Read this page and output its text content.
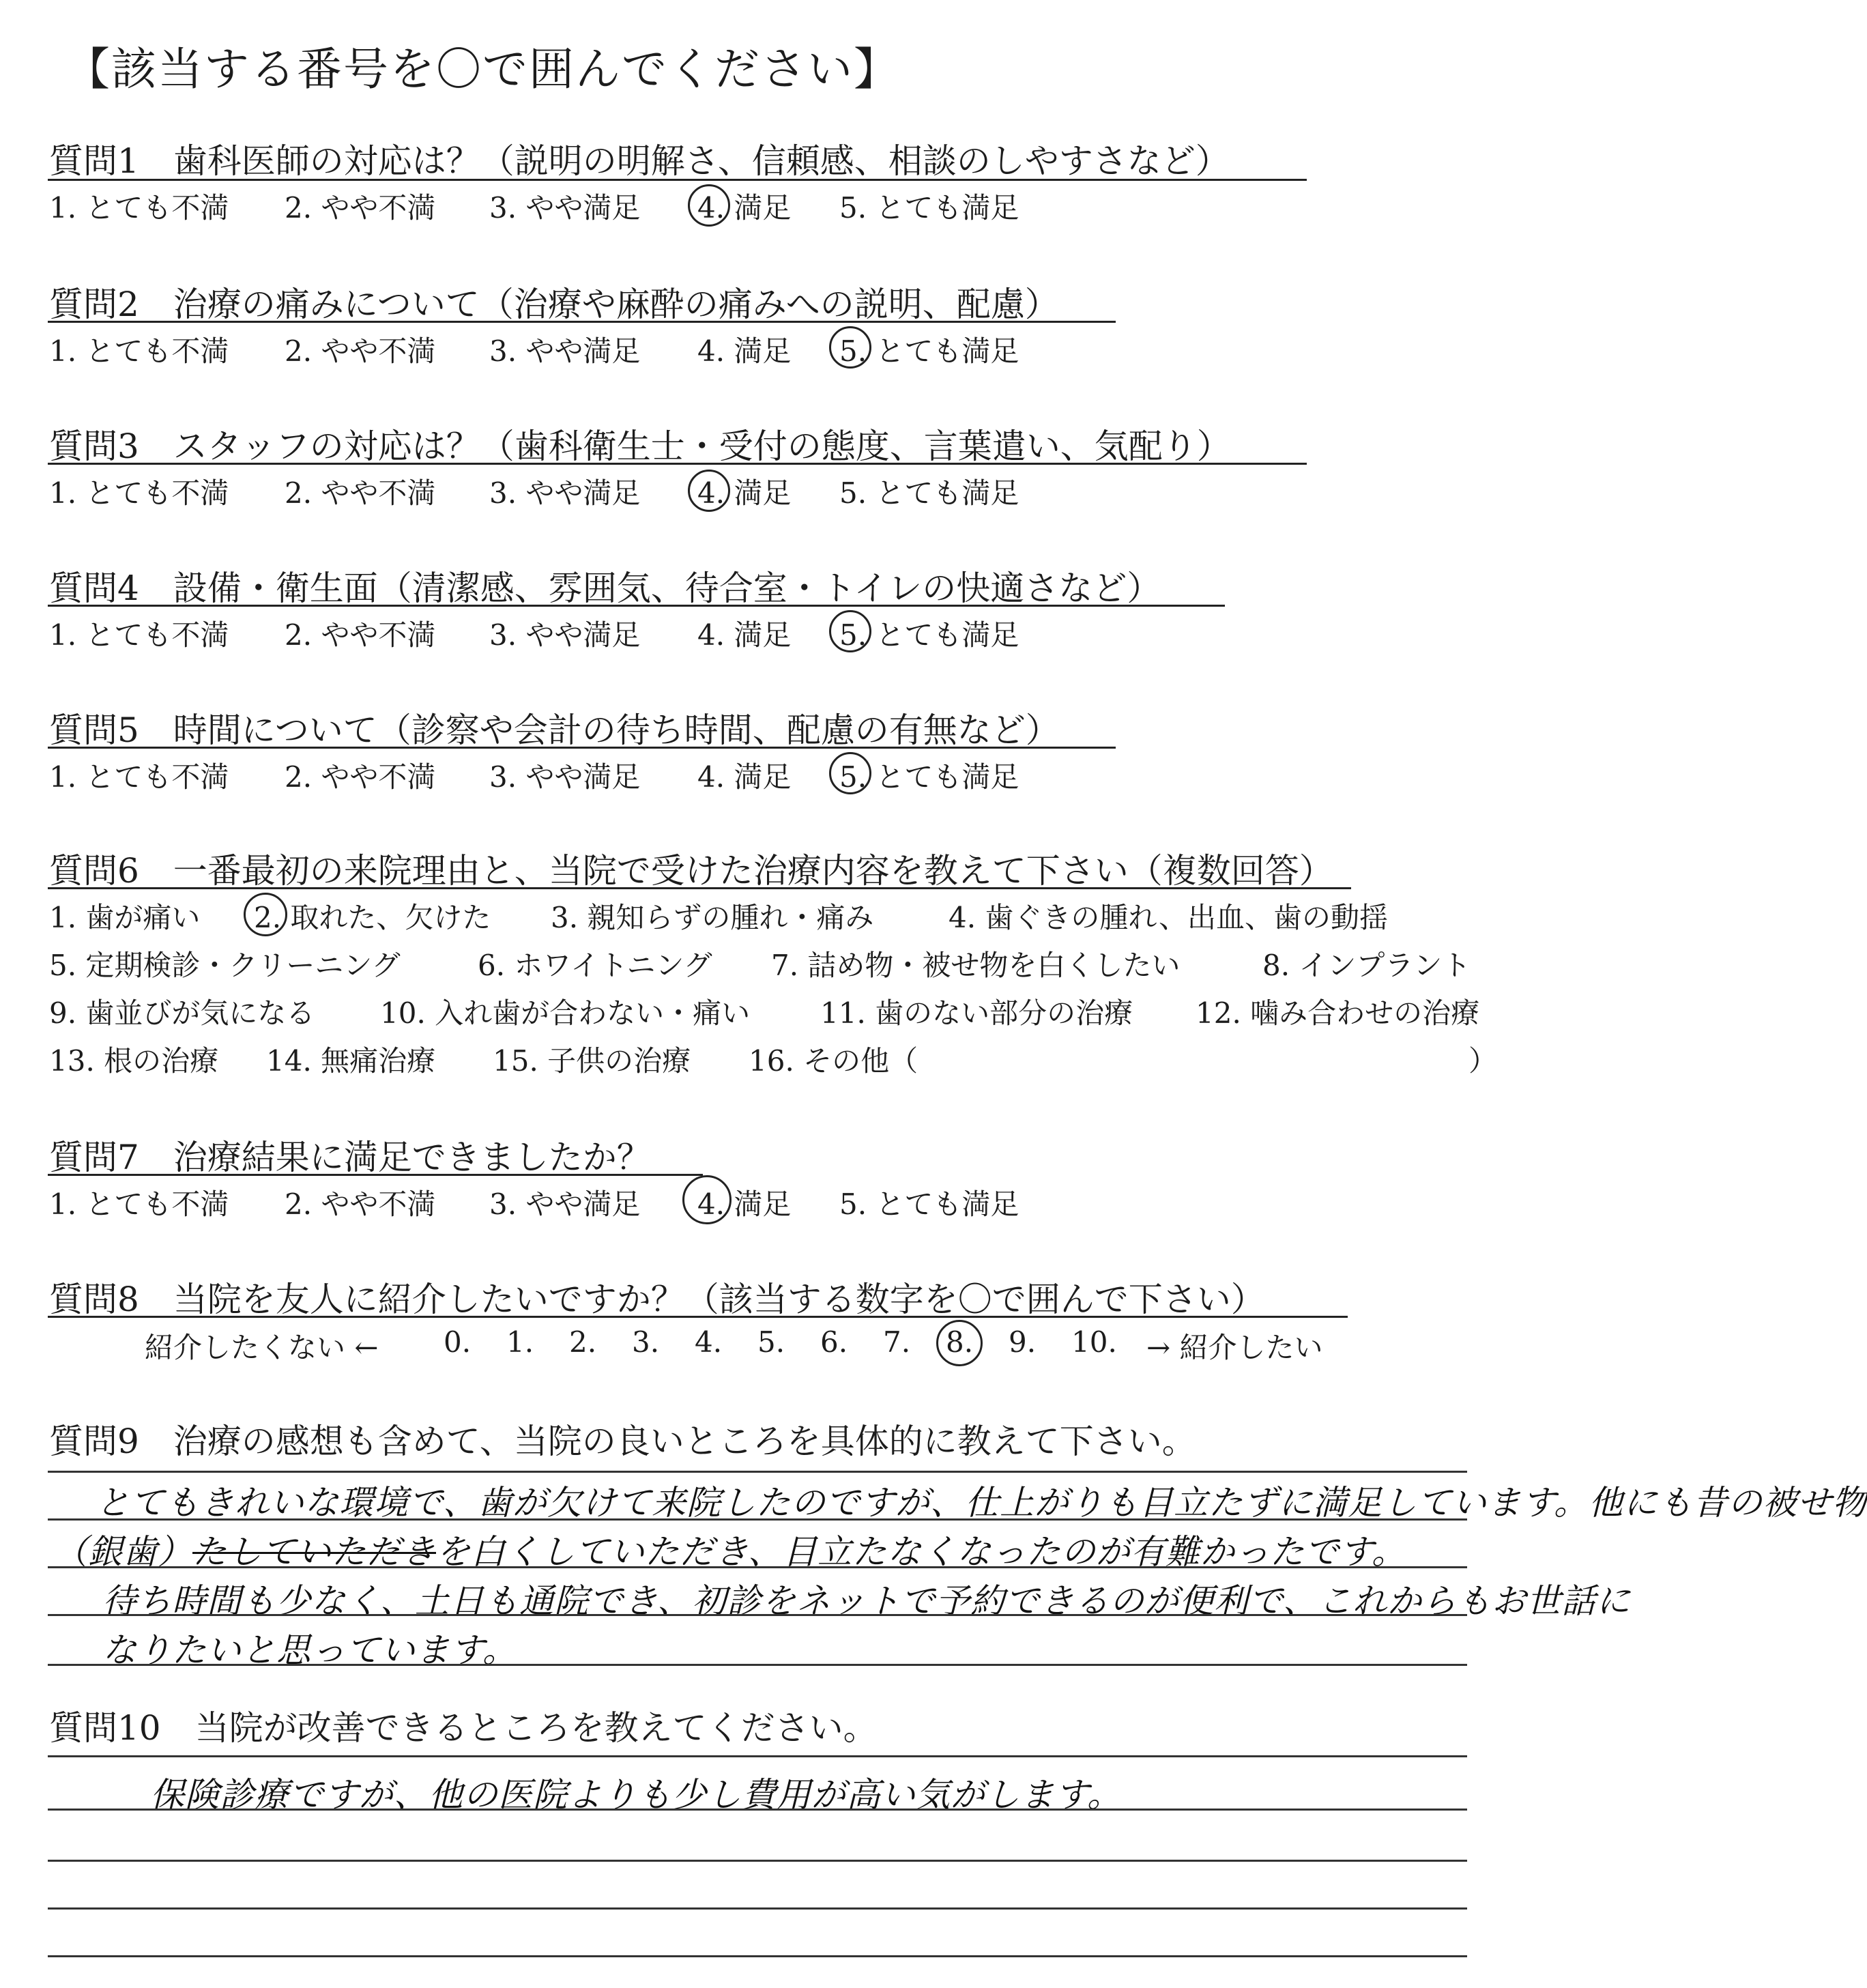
【該当する番号を〇で囲んでください】
質問1　歯科医師の対応は？（説明の明解さ、信頼感、相談のしやすさなど）
1. とても不満 2. やや不満 3. やや満足 4. 満足 5. とても満足
質問2　治療の痛みについて（治療や麻酔の痛みへの説明、配慮）
1. とても不満 2. やや不満 3. やや満足 4. 満足 5. とても満足
質問3　スタッフの対応は？（歯科衛生士・受付の態度、言葉遣い、気配り）
1. とても不満 2. やや不満 3. やや満足 4. 満足 5. とても満足
質問4　設備・衛生面（清潔感、雰囲気、待合室・トイレの快適さなど）
1. とても不満 2. やや不満 3. やや満足 4. 満足 5. とても満足
質問5　時間について（診察や会計の待ち時間、配慮の有無など）
1. とても不満 2. やや不満 3. やや満足 4. 満足 5. とても満足
質問6　一番最初の来院理由と、当院で受けた治療内容を教えて下さい（複数回答）
1. 歯が痛い 2. 取れた、欠けた 3. 親知らずの腫れ・痛み	4. 歯ぐきの腫れ、出血、歯の動揺
5. 定期検診・クリーニング	6. ホワイトニング 7. 詰め物・被せ物を白くしたい	8. インプラント
9. 歯並びが気になる 10. 入れ歯が合わない・痛い 11. 歯のない部分の治療 12. 噛み合わせの治療
13. 根の治療 14. 無痛治療 15. 子供の治療 16. その他（	）
質問7　治療結果に満足できましたか？
1. とても不満 2. やや不満 3. やや満足 4. 満足 5. とても満足
質問8　当院を友人に紹介したいですか？（該当する数字を〇で囲んで下さい）
紹介したくない ← 0. 1. 2. 3. 4. 5. 6. 7. 8. 9. 10. → 紹介したい
質問9　治療の感想も含めて、当院の良いところを具体的に教えて下さい。
とてもきれいな環境で、歯が欠けて来院したのですが、仕上がりも目立たずに満足しています。他にも昔の被せ物
（銀歯）たしていただきを白くしていただき、目立たなくなったのが有難かったです。
待ち時間も少なく、土日も通院でき、初診をネットで予約できるのが便利で、これからもお世話に
なりたいと思っています。
質問10　当院が改善できるところを教えてください。
保険診療ですが、他の医院よりも少し費用が高い気がします。
